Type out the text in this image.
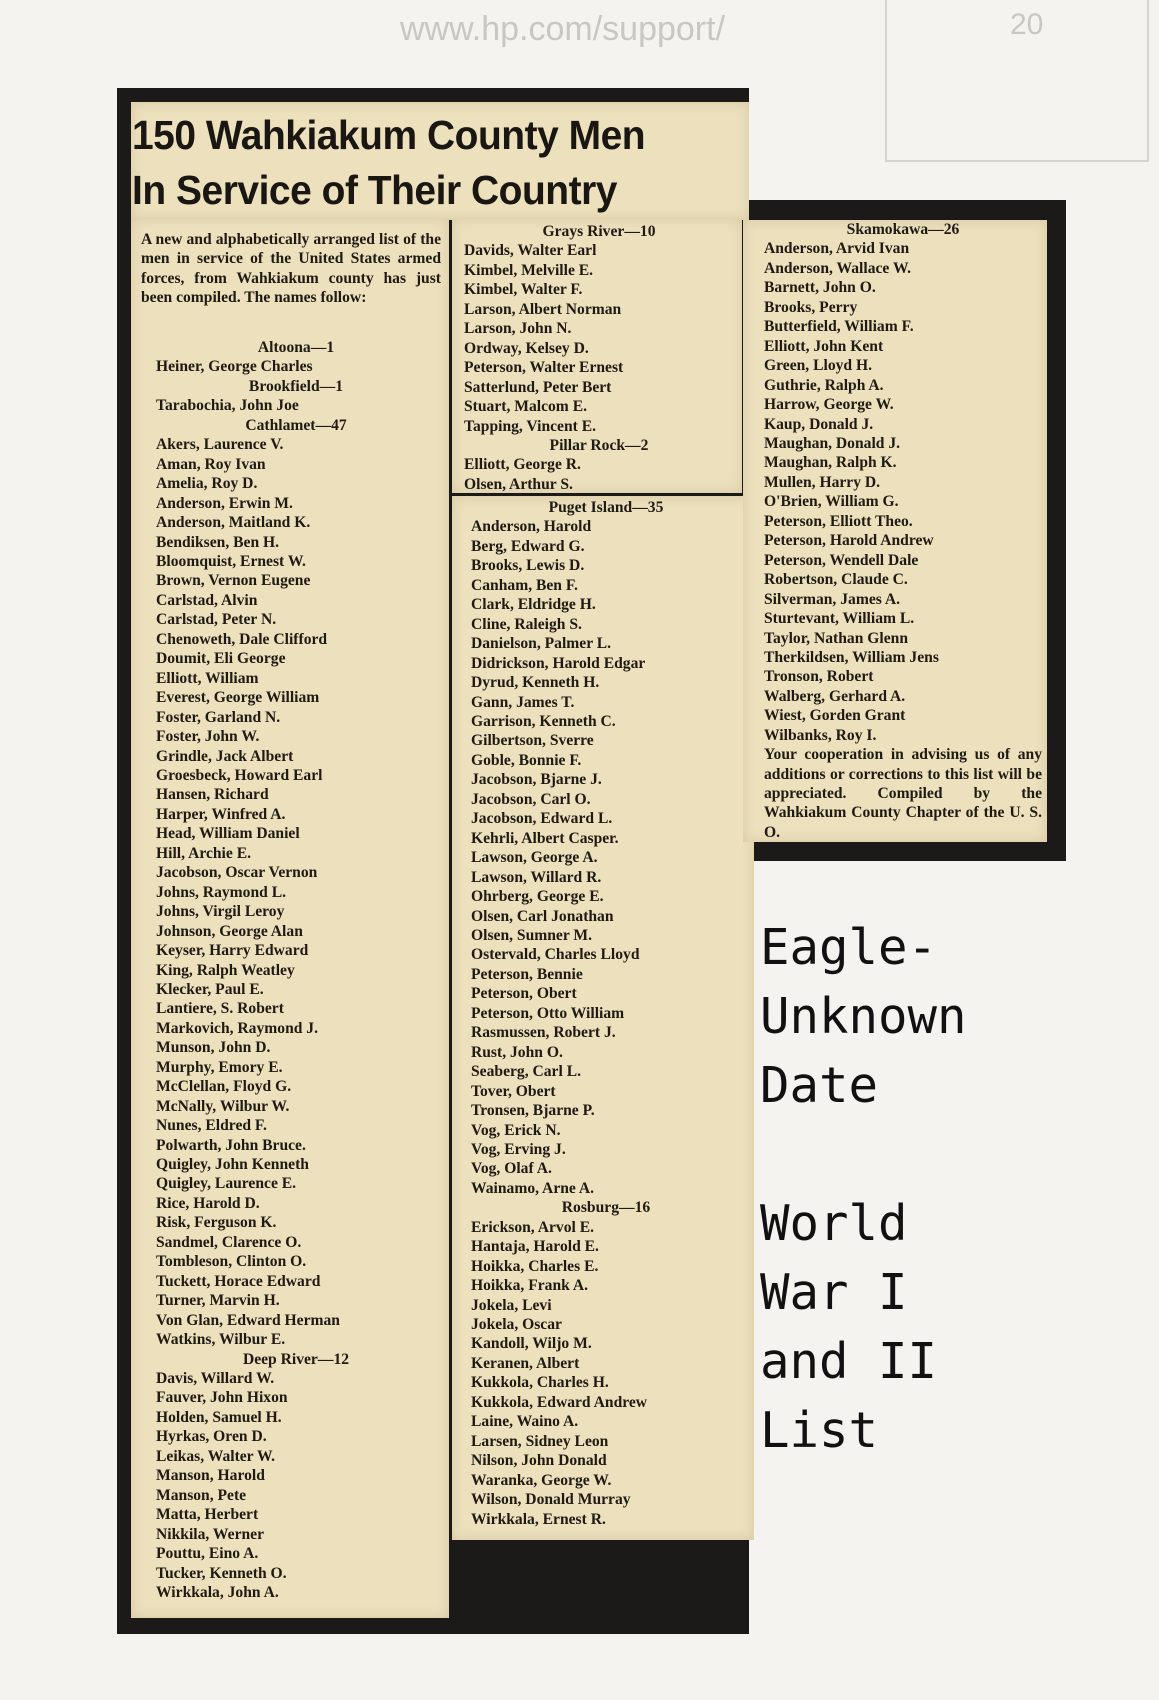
www.hp.com/support/	20
150 Wahkiakum County Men
In Service of Their Country
A new and alphabetically arranged list of the men in service of the United States armed forces, from Wahkiakum county has just been compiled. The names follow:
Altoona—1
Heiner, George Charles
Brookfield—1
Tarabochia, John Joe
Cathlamet—47
Akers, Laurence V.
Aman, Roy Ivan
Amelia, Roy D.
Anderson, Erwin M.
Anderson, Maitland K.
Bendiksen, Ben H.
Bloomquist, Ernest W.
Brown, Vernon Eugene
Carlstad, Alvin
Carlstad, Peter N.
Chenoweth, Dale Clifford
Doumit, Eli George
Elliott, William
Everest, George William
Foster, Garland N.
Foster, John W.
Grindle, Jack Albert
Groesbeck, Howard Earl
Hansen, Richard
Harper, Winfred A.
Head, William Daniel
Hill, Archie E.
Jacobson, Oscar Vernon
Johns, Raymond L.
Johns, Virgil Leroy
Johnson, George Alan
Keyser, Harry Edward
King, Ralph Weatley
Klecker, Paul E.
Lantiere, S. Robert
Markovich, Raymond J.
Munson, John D.
Murphy, Emory E.
McClellan, Floyd G.
McNally, Wilbur W.
Nunes, Eldred F.
Polwarth, John Bruce.
Quigley, John Kenneth
Quigley, Laurence E.
Rice, Harold D.
Risk, Ferguson K.
Sandmel, Clarence O.
Tombleson, Clinton O.
Tuckett, Horace Edward
Turner, Marvin H.
Von Glan, Edward Herman
Watkins, Wilbur E.
Deep River—12
Davis, Willard W.
Fauver, John Hixon
Holden, Samuel H.
Hyrkas, Oren D.
Leikas, Walter W.
Manson, Harold
Manson, Pete
Matta, Herbert
Nikkila, Werner
Pouttu, Eino A.
Tucker, Kenneth O.
Wirkkala, John A.
Grays River—10
Davids, Walter Earl
Kimbel, Melville E.
Kimbel, Walter F.
Larson, Albert Norman
Larson, John N.
Ordway, Kelsey D.
Peterson, Walter Ernest
Satterlund, Peter Bert
Stuart, Malcom E.
Tapping, Vincent E.
Pillar Rock—2
Elliott, George R.
Olsen, Arthur S.
Puget Island—35
Anderson, Harold
Berg, Edward G.
Brooks, Lewis D.
Canham, Ben F.
Clark, Eldridge H.
Cline, Raleigh S.
Danielson, Palmer L.
Didrickson, Harold Edgar
Dyrud, Kenneth H.
Gann, James T.
Garrison, Kenneth C.
Gilbertson, Sverre
Goble, Bonnie F.
Jacobson, Bjarne J.
Jacobson, Carl O.
Jacobson, Edward L.
Kehrli, Albert Casper.
Lawson, George A.
Lawson, Willard R.
Ohrberg, George E.
Olsen, Carl Jonathan
Olsen, Sumner M.
Ostervald, Charles Lloyd
Peterson, Bennie
Peterson, Obert
Peterson, Otto William
Rasmussen, Robert J.
Rust, John O.
Seaberg, Carl L.
Tover, Obert
Tronsen, Bjarne P.
Vog, Erick N.
Vog, Erving J.
Vog, Olaf A.
Wainamo, Arne A.
Rosburg—16
Erickson, Arvol E.
Hantaja, Harold E.
Hoikka, Charles E.
Hoikka, Frank A.
Jokela, Levi
Jokela, Oscar
Kandoll, Wiljo M.
Keranen, Albert
Kukkola, Charles H.
Kukkola, Edward Andrew
Laine, Waino A.
Larsen, Sidney Leon
Nilson, John Donald
Waranka, George W.
Wilson, Donald Murray
Wirkkala, Ernest R.
Skamokawa—26
Anderson, Arvid Ivan
Anderson, Wallace W.
Barnett, John O.
Brooks, Perry
Butterfield, William F.
Elliott, John Kent
Green, Lloyd H.
Guthrie, Ralph A.
Harrow, George W.
Kaup, Donald J.
Maughan, Donald J.
Maughan, Ralph K.
Mullen, Harry D.
O'Brien, William G.
Peterson, Elliott Theo.
Peterson, Harold Andrew
Peterson, Wendell Dale
Robertson, Claude C.
Silverman, James A.
Sturtevant, William L.
Taylor, Nathan Glenn
Therkildsen, William Jens
Tronson, Robert
Walberg, Gerhard A.
Wiest, Gorden Grant
Wilbanks, Roy I.
Your cooperation in advising us of any additions or corrections to this list will be appreciated. Compiled by the Wahkiakum County Chapter of the U. S. O.
Eagle-
Unknown
Date
World
War I
and II
List
